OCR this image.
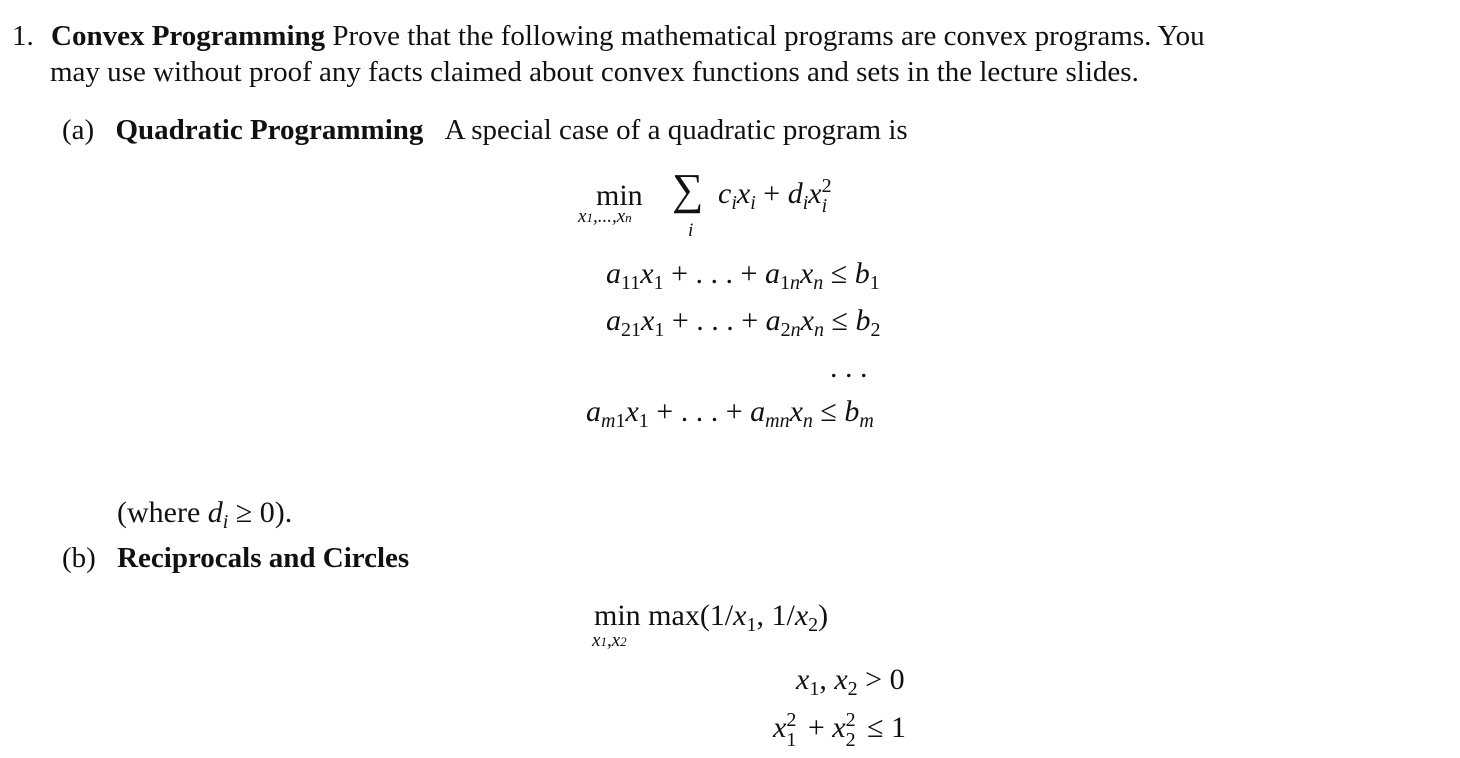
1. Convex Programming Prove that the following mathematical programs are convex programs. You
may use without proof any facts claimed about convex functions and sets in the lecture slides.
(a) Quadratic Programming A special case of a quadratic program is
min
x1,...,xn
∑
i
$c_ix_i + d_ix$ 2
i
$a_{11}x_1$ + . . . + $a_{1n}x_n \le b_1$
$a_{21}x_1$ + . . . + $a_{2n}x_n \le b_2$
. . .
$a_{m1}x_1$ + . . . + $a_{mn}x_n \le b_m$
(where $d_i \ge 0$).
(b) Reciprocals and Circles
$\min \max(1/x_1$, $1/x_2$)
x1,x2
$x_1$, $x_2 > 0$
x 2
1 + x 2
2 ≤ 1
